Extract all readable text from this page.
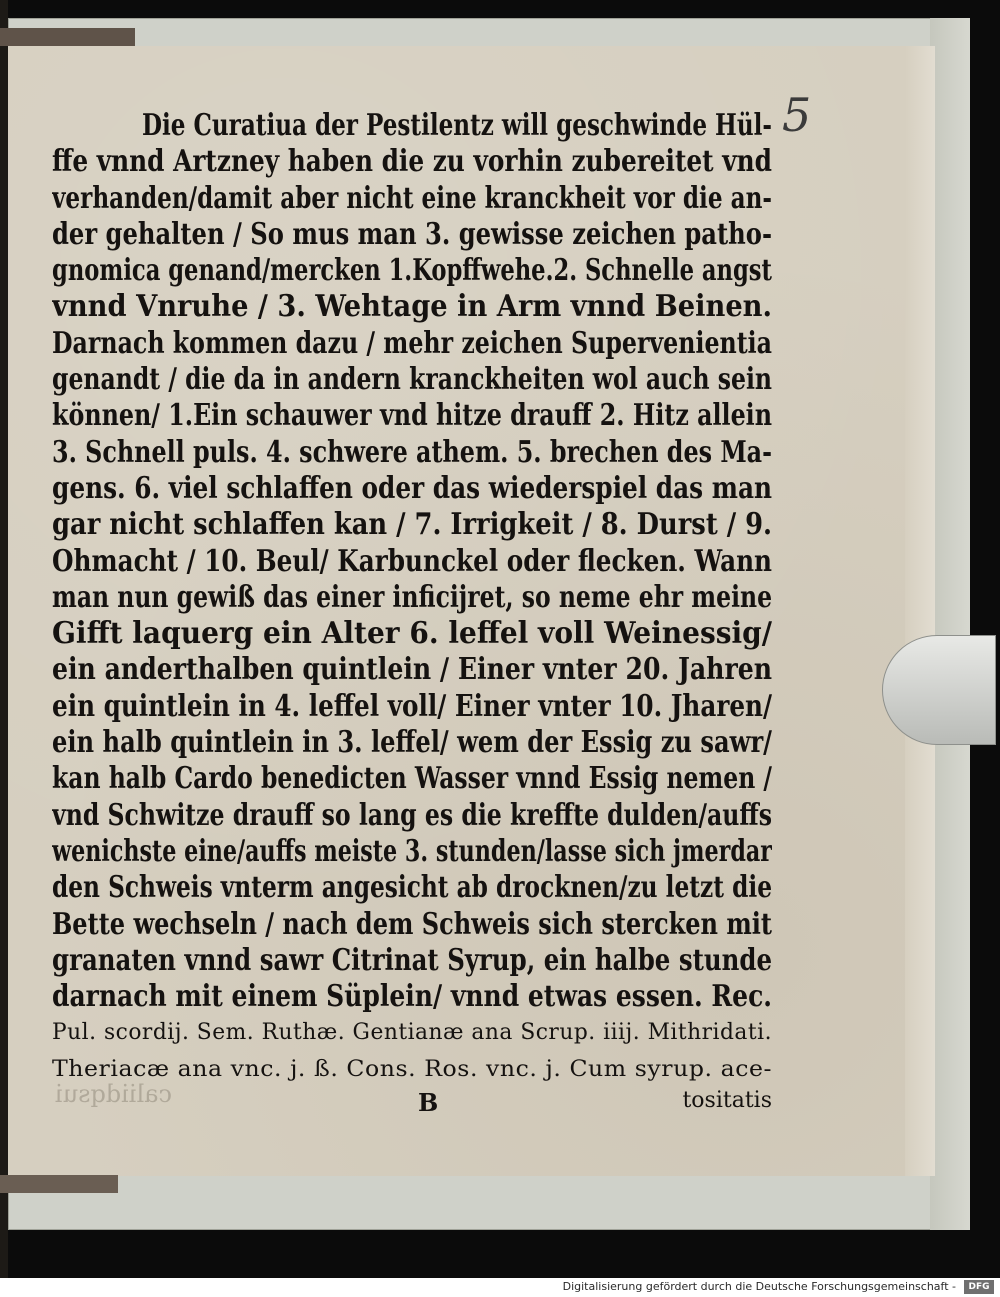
5
Die Curatiua der Pestilentz will geschwinde Hül-
ffe vnnd Artzney haben die zu vorhin zubereitet vnd
verhanden/damit aber nicht eine kranckheit vor die an-
der gehalten / So mus man 3. gewisse zeichen patho-
gnomica genand/mercken 1.Kopffwehe.2. Schnelle angst
vnnd Vnruhe / 3. Wehtage in Arm vnnd Beinen.
Darnach kommen dazu / mehr zeichen Supervenientia
genandt / die da in andern kranckheiten wol auch sein
können/ 1.Ein schauwer vnd hitze drauff 2. Hitz allein
3. Schnell puls. 4. schwere athem. 5. brechen des Ma-
gens. 6. viel schlaffen oder das wiederspiel das man
gar nicht schlaffen kan / 7. Irrigkeit / 8. Durst / 9.
Ohmacht / 10. Beul/ Karbunckel oder flecken. Wann
man nun gewiß das einer inficijret, so neme ehr meine
Gifft laquerg ein Alter 6. leffel voll Weinessig/
ein anderthalben quintlein / Einer vnter 20. Jahren
ein quintlein in 4. leffel voll/ Einer vnter 10. Jharen/
ein halb quintlein in 3. leffel/ wem der Essig zu sawr/
kan halb Cardo benedicten Wasser vnnd Essig nemen /
vnd Schwitze drauff so lang es die kreffte dulden/auffs
wenichste eine/auffs meiste 3. stunden/lasse sich jmerdar
den Schweis vnterm angesicht ab drocknen/zu letzt die
Bette wechseln / nach dem Schweis sich stercken mit
granaten vnnd sawr Citrinat Syrup, ein halbe stunde
darnach mit einem Süplein/ vnnd etwas essen. Rec.
Pul. scordij. Sem. Ruthæ. Gentianæ ana Scrup. iiij. Mithridati.
Theriacæ ana vnc. j. ß. Cons. Ros. vnc. j. Cum syrup. ace-
caliidqsui	B	tositatis
Digitalisierung gefördert durch die Deutsche Forschungsgemeinschaft -	DFG
